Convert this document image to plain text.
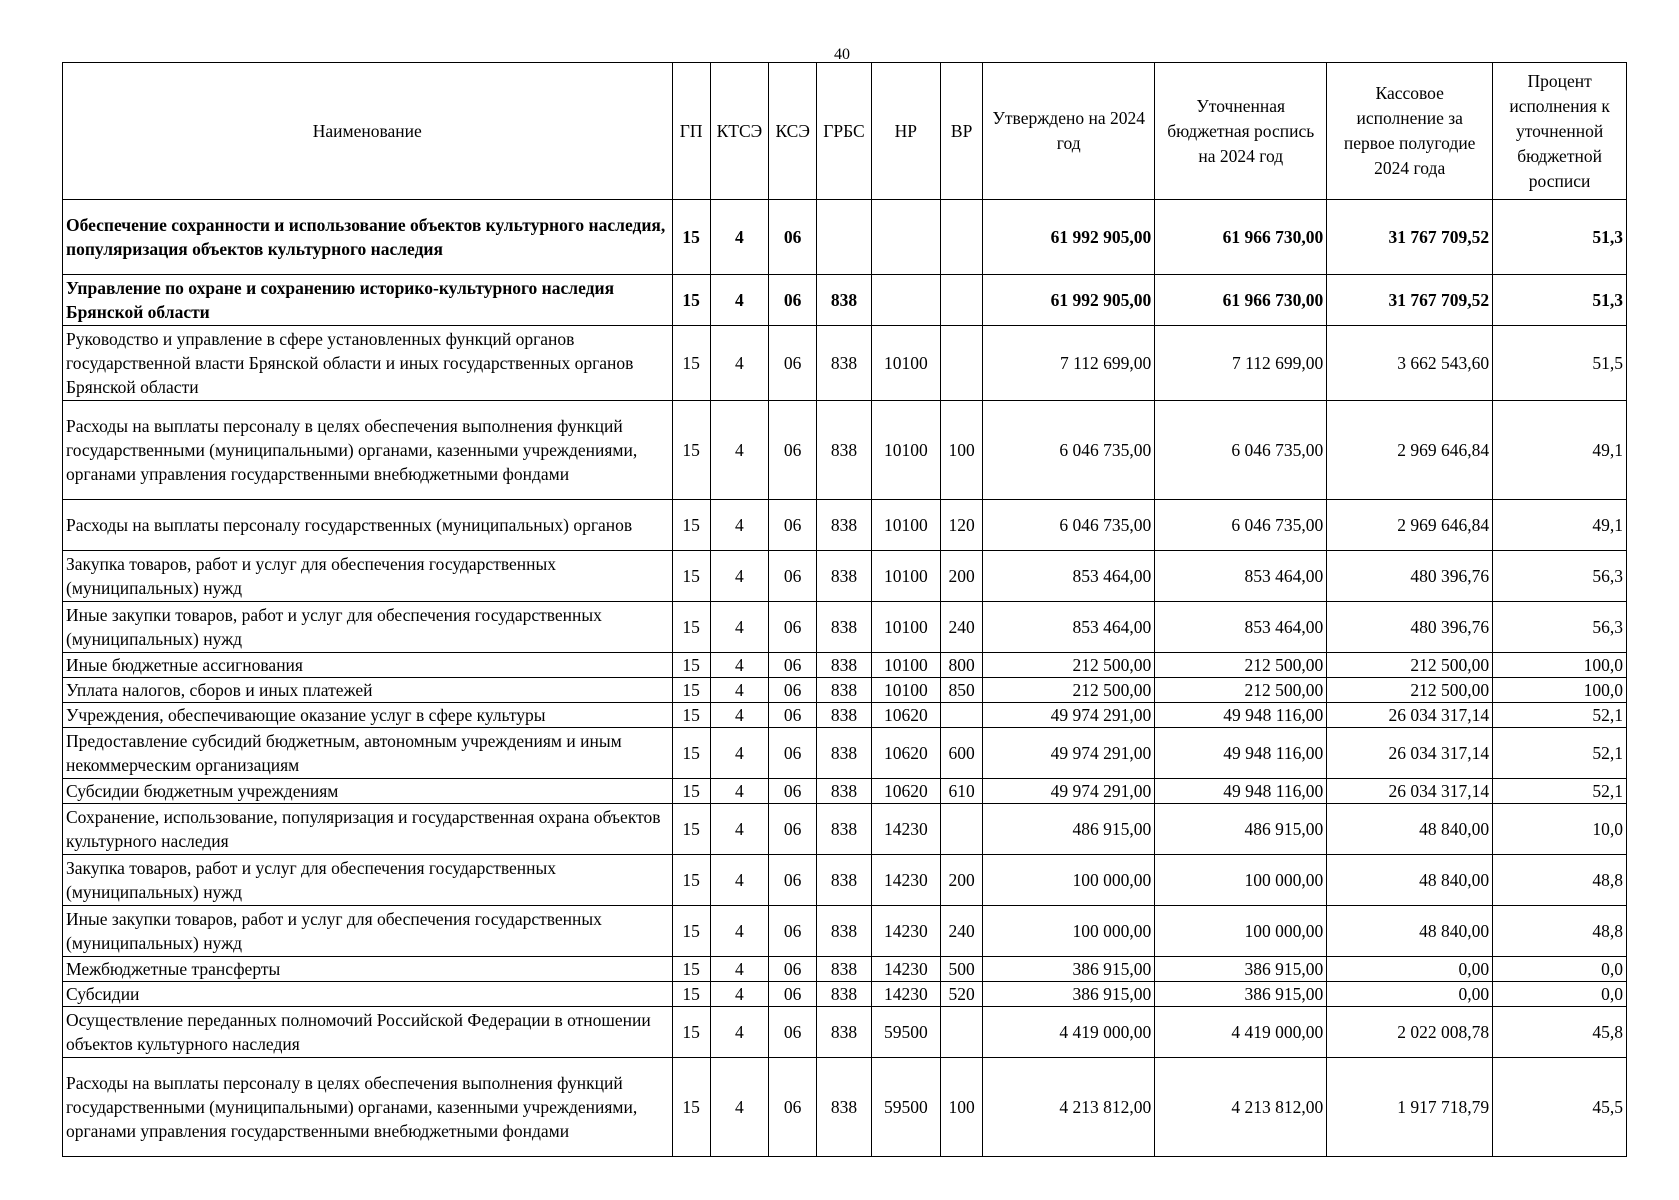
40
Наименование	ГП	КТСЭ	КСЭ	ГРБС	НР	ВР	Утверждено на 2024 год	Уточненная бюджетная роспись на 2024 год	Кассовое исполнение за первое полугодие 2024 года	Процент исполнения к уточненной бюджетной росписи
Обеспечение сохранности и использование объектов культурного наследия, популяризация объектов культурного наследия	15	4	06				61 992 905,00	61 966 730,00	31 767 709,52	51,3
Управление по охране и сохранению историко-культурного наследия Брянской области	15	4	06	838			61 992 905,00	61 966 730,00	31 767 709,52	51,3
Руководство и управление в сфере установленных функций органов государственной власти Брянской области и иных государственных органов Брянской области	15	4	06	838	10100		7 112 699,00	7 112 699,00	3 662 543,60	51,5
Расходы на выплаты персоналу в целях обеспечения выполнения функций государственными (муниципальными) органами, казенными учреждениями, органами управления государственными внебюджетными фондами	15	4	06	838	10100	100	6 046 735,00	6 046 735,00	2 969 646,84	49,1
Расходы на выплаты персоналу государственных (муниципальных) органов	15	4	06	838	10100	120	6 046 735,00	6 046 735,00	2 969 646,84	49,1
Закупка товаров, работ и услуг для обеспечения государственных (муниципальных) нужд	15	4	06	838	10100	200	853 464,00	853 464,00	480 396,76	56,3
Иные закупки товаров, работ и услуг для обеспечения государственных (муниципальных) нужд	15	4	06	838	10100	240	853 464,00	853 464,00	480 396,76	56,3
Иные бюджетные ассигнования	15	4	06	838	10100	800	212 500,00	212 500,00	212 500,00	100,0
Уплата налогов, сборов и иных платежей	15	4	06	838	10100	850	212 500,00	212 500,00	212 500,00	100,0
Учреждения, обеспечивающие оказание услуг в сфере культуры	15	4	06	838	10620		49 974 291,00	49 948 116,00	26 034 317,14	52,1
Предоставление субсидий бюджетным, автономным учреждениям и иным некоммерческим организациям	15	4	06	838	10620	600	49 974 291,00	49 948 116,00	26 034 317,14	52,1
Субсидии бюджетным учреждениям	15	4	06	838	10620	610	49 974 291,00	49 948 116,00	26 034 317,14	52,1
Сохранение, использование, популяризация и государственная охрана объектов культурного наследия	15	4	06	838	14230		486 915,00	486 915,00	48 840,00	10,0
Закупка товаров, работ и услуг для обеспечения государственных (муниципальных) нужд	15	4	06	838	14230	200	100 000,00	100 000,00	48 840,00	48,8
Иные закупки товаров, работ и услуг для обеспечения государственных (муниципальных) нужд	15	4	06	838	14230	240	100 000,00	100 000,00	48 840,00	48,8
Межбюджетные трансферты	15	4	06	838	14230	500	386 915,00	386 915,00	0,00	0,0
Субсидии	15	4	06	838	14230	520	386 915,00	386 915,00	0,00	0,0
Осуществление переданных полномочий Российской Федерации в отношении объектов культурного наследия	15	4	06	838	59500		4 419 000,00	4 419 000,00	2 022 008,78	45,8
Расходы на выплаты персоналу в целях обеспечения выполнения функций государственными (муниципальными) органами, казенными учреждениями, органами управления государственными внебюджетными фондами	15	4	06	838	59500	100	4 213 812,00	4 213 812,00	1 917 718,79	45,5
